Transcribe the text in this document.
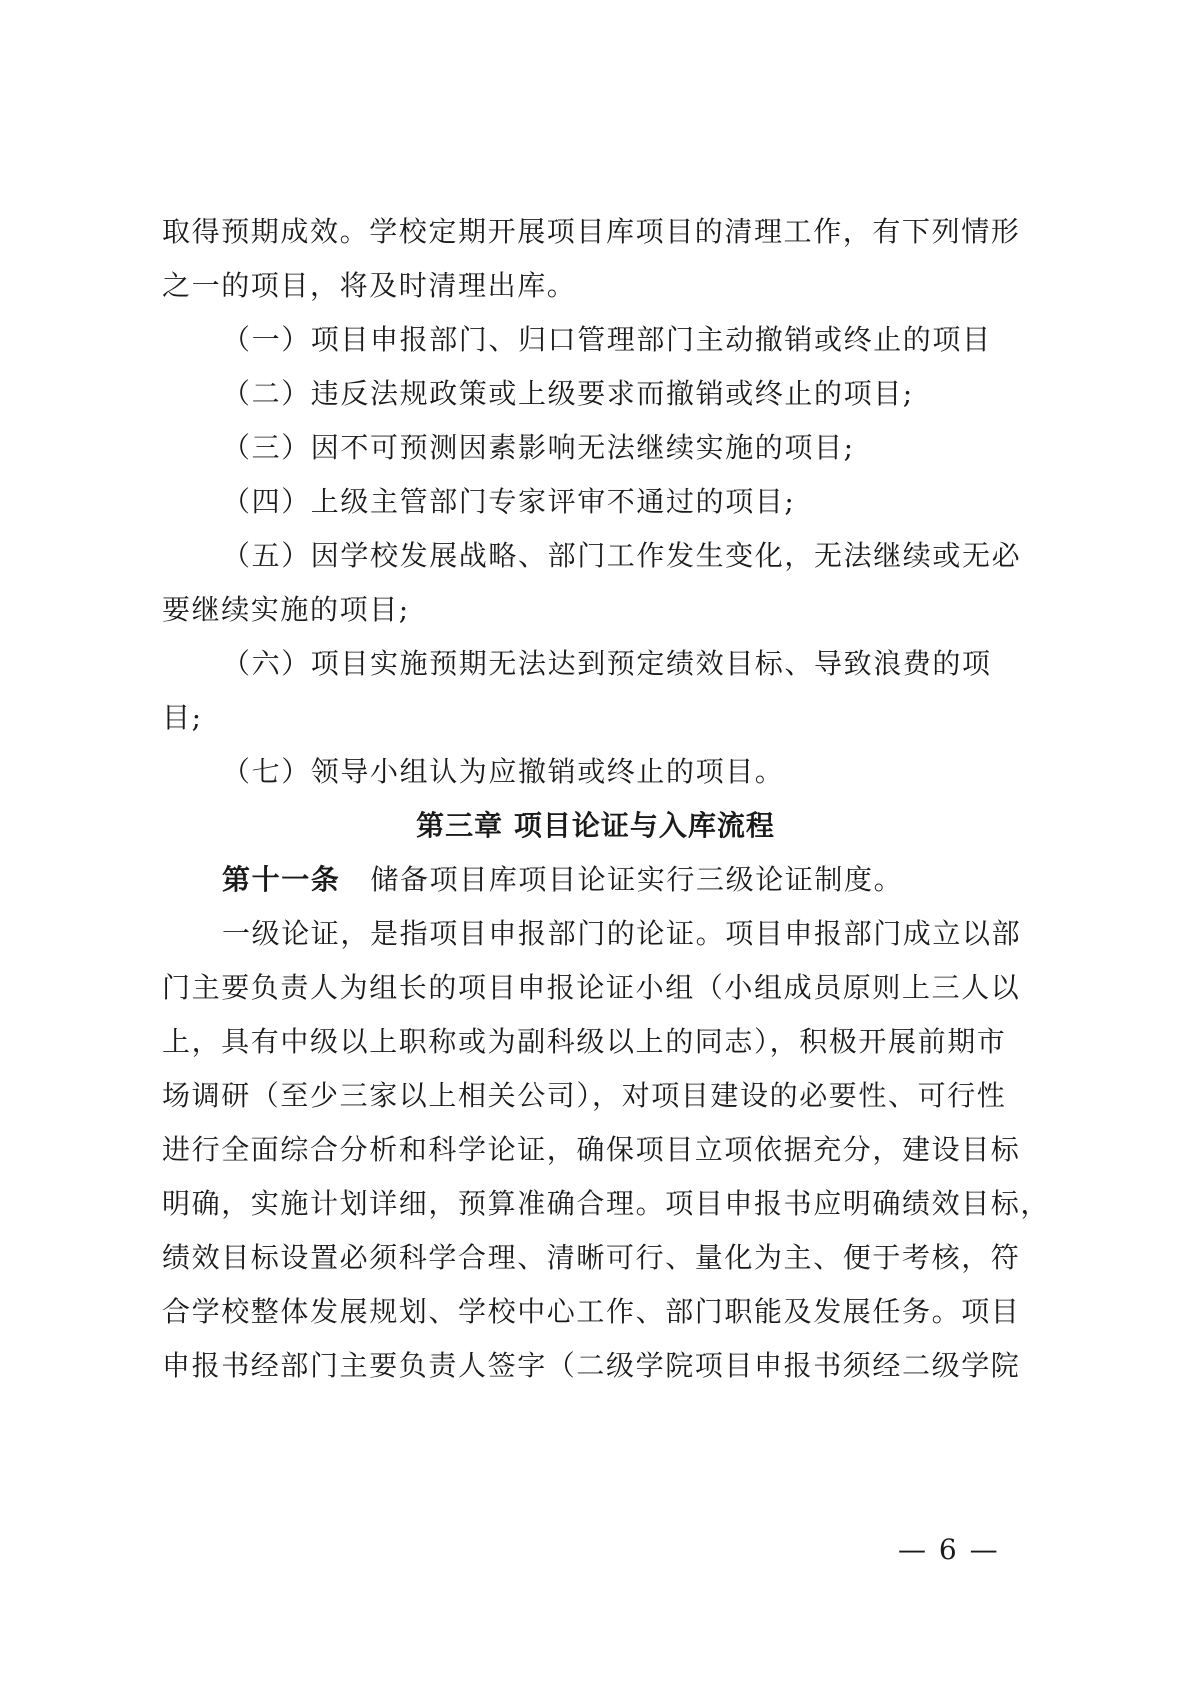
取得预期成效。学校定期开展项目库项目的清理工作，有下列情形
之一的项目，将及时清理出库。
（一）项目申报部门、归口管理部门主动撤销或终止的项目
（二）违反法规政策或上级要求而撤销或终止的项目;
（三）因不可预测因素影响无法继续实施的项目;
（四）上级主管部门专家评审不通过的项目;
（五）因学校发展战略、部门工作发生变化，无法继续或无必
要继续实施的项目;
（六）项目实施预期无法达到预定绩效目标、导致浪费的项
目;
（七）领导小组认为应撤销或终止的项目。
第三章 项目论证与入库流程
第十一条 储备项目库项目论证实行三级论证制度。
一级论证，是指项目申报部门的论证。项目申报部门成立以部
门主要负责人为组长的项目申报论证小组（小组成员原则上三人以
上，具有中级以上职称或为副科级以上的同志），积极开展前期市
场调研（至少三家以上相关公司），对项目建设的必要性、可行性
进行全面综合分析和科学论证，确保项目立项依据充分，建设目标
明确，实施计划详细，预算准确合理。项目申报书应明确绩效目标，
绩效目标设置必须科学合理、清晰可行、量化为主、便于考核，符
合学校整体发展规划、学校中心工作、部门职能及发展任务。项目
申报书经部门主要负责人签字（二级学院项目申报书须经二级学院
— 6 —
